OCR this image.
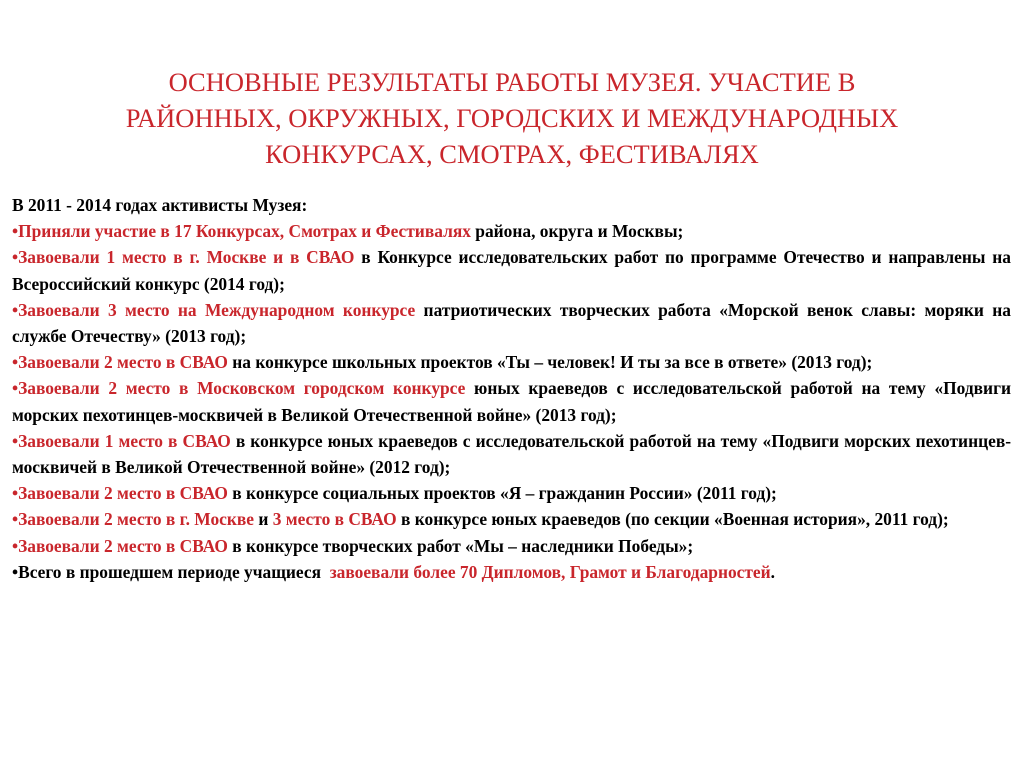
ОСНОВНЫЕ РЕЗУЛЬТАТЫ РАБОТЫ МУЗЕЯ. УЧАСТИЕ В
РАЙОННЫХ, ОКРУЖНЫХ, ГОРОДСКИХ И МЕЖДУНАРОДНЫХ
КОНКУРСАХ, СМОТРАХ, ФЕСТИВАЛЯХ

В 2011 - 2014 годах активисты Музея:

•Приняли участие в 17 Конкурсах, Смотрах и Фестивалях района, округа и Москвы;
•Завоевали 1 место в г. Москве и в СВАО в Конкурсе исследовательских работ по программе Отечество и направлены на Всероссийский конкурс (2014 год);
•Завоевали 3 место на Международном конкурсе патриотических творческих работа «Морской венок славы: моряки на службе Отечеству» (2013 год);
•Завоевали 2 место в СВАО на конкурсе школьных проектов «Ты – человек! И ты за все в ответе» (2013 год);
•Завоевали 2 место в Московском городском конкурсе юных краеведов с исследовательской работой на тему «Подвиги морских пехотинцев-москвичей в Великой Отечественной войне» (2013 год);
•Завоевали 1 место в СВАО в конкурсе юных краеведов с исследовательской работой на тему «Подвиги морских пехотинцев-москвичей в Великой Отечественной войне» (2012 год);
•Завоевали 2 место в СВАО в конкурсе социальных проектов «Я – гражданин России» (2011 год);
•Завоевали 2 место в г. Москве и 3 место в СВАО в конкурсе юных краеведов (по секции «Военная история», 2011 год);
•Завоевали 2 место в СВАО в конкурсе творческих работ «Мы – наследники Победы»;
•Всего в прошедшем периоде учащиеся  завоевали более 70 Дипломов, Грамот и Благодарностей.
